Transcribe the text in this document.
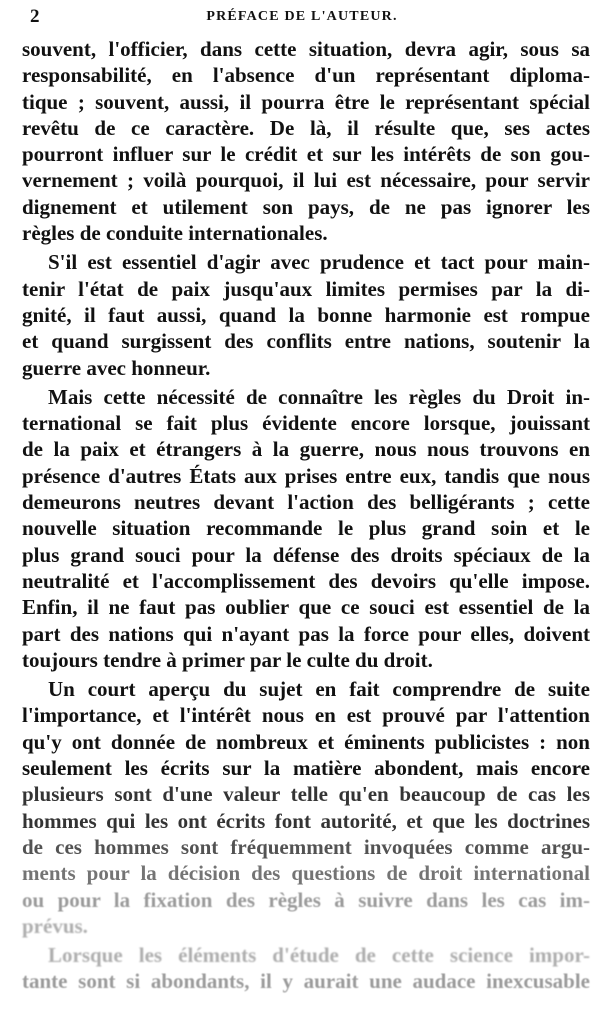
2	PRÉFACE DE L'AUTEUR.
souvent, l'officier, dans cette situation, devra agir, sous sa
responsabilité, en l'absence d'un représentant diploma-
tique ; souvent, aussi, il pourra être le représentant spécial
revêtu de ce caractère. De là, il résulte que, ses actes
pourront influer sur le crédit et sur les intérêts de son gou-
vernement ; voilà pourquoi, il lui est nécessaire, pour servir
dignement et utilement son pays, de ne pas ignorer les
règles de conduite internationales.
S'il est essentiel d'agir avec prudence et tact pour main-
tenir l'état de paix jusqu'aux limites permises par la di-
gnité, il faut aussi, quand la bonne harmonie est rompue
et quand surgissent des conflits entre nations, soutenir la
guerre avec honneur.
Mais cette nécessité de connaître les règles du Droit in-
ternational se fait plus évidente encore lorsque, jouissant
de la paix et étrangers à la guerre, nous nous trouvons en
présence d'autres États aux prises entre eux, tandis que nous
demeurons neutres devant l'action des belligérants ; cette
nouvelle situation recommande le plus grand soin et le
plus grand souci pour la défense des droits spéciaux de la
neutralité et l'accomplissement des devoirs qu'elle impose.
Enfin, il ne faut pas oublier que ce souci est essentiel de la
part des nations qui n'ayant pas la force pour elles, doivent
toujours tendre à primer par le culte du droit.
Un court aperçu du sujet en fait comprendre de suite
l'importance, et l'intérêt nous en est prouvé par l'attention
qu'y ont donnée de nombreux et éminents publicistes : non
seulement les écrits sur la matière abondent, mais encore
plusieurs sont d'une valeur telle qu'en beaucoup de cas les
hommes qui les ont écrits font autorité, et que les doctrines
de ces hommes sont fréquemment invoquées comme argu-
ments pour la décision des questions de droit international
ou pour la fixation des règles à suivre dans les cas im-
prévus.
Lorsque les éléments d'étude de cette science impor-
tante sont si abondants, il y aurait une audace inexcusable
